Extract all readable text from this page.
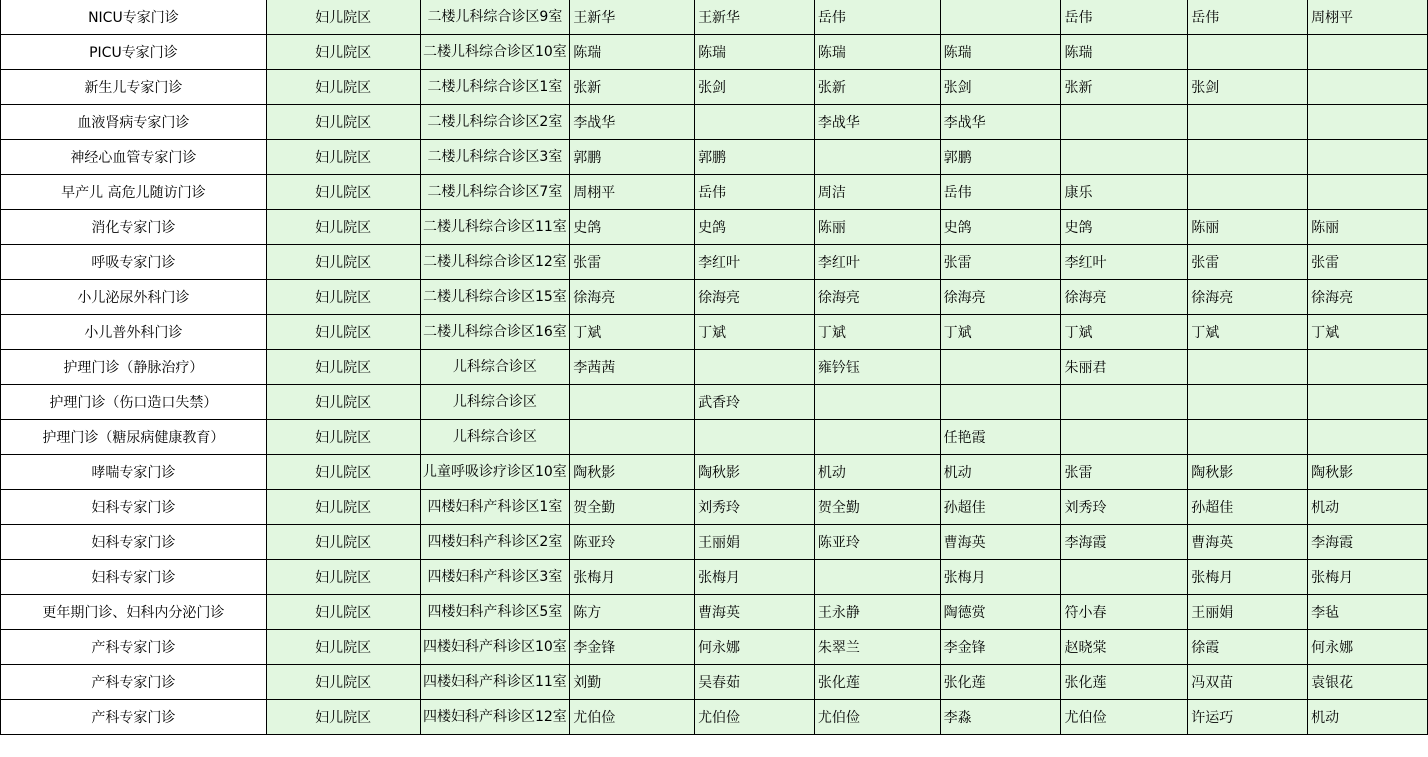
NICU专家门诊	妇儿院区	二楼儿科综合诊区9室	王新华	王新华	岳伟		岳伟	岳伟	周栩平
PICU专家门诊	妇儿院区	二楼儿科综合诊区10室	陈瑞	陈瑞	陈瑞	陈瑞	陈瑞		
新生儿专家门诊	妇儿院区	二楼儿科综合诊区1室	张新	张剑	张新	张剑	张新	张剑	
血液肾病专家门诊	妇儿院区	二楼儿科综合诊区2室	李战华		李战华	李战华			
神经心血管专家门诊	妇儿院区	二楼儿科综合诊区3室	郭鹏	郭鹏		郭鹏			
早产儿 高危儿随访门诊	妇儿院区	二楼儿科综合诊区7室	周栩平	岳伟	周洁	岳伟	康乐		
消化专家门诊	妇儿院区	二楼儿科综合诊区11室	史鸽	史鸽	陈丽	史鸽	史鸽	陈丽	陈丽
呼吸专家门诊	妇儿院区	二楼儿科综合诊区12室	张雷	李红叶	李红叶	张雷	李红叶	张雷	张雷
小儿泌尿外科门诊	妇儿院区	二楼儿科综合诊区15室	徐海亮	徐海亮	徐海亮	徐海亮	徐海亮	徐海亮	徐海亮
小儿普外科门诊	妇儿院区	二楼儿科综合诊区16室	丁斌	丁斌	丁斌	丁斌	丁斌	丁斌	丁斌
护理门诊（静脉治疗）	妇儿院区	儿科综合诊区	李茜茜		雍钤钰		朱丽君		
护理门诊（伤口造口失禁）	妇儿院区	儿科综合诊区		武香玲					
护理门诊（糖尿病健康教育）	妇儿院区	儿科综合诊区				任艳霞			
哮喘专家门诊	妇儿院区	儿童呼吸诊疗诊区10室	陶秋影	陶秋影	机动	机动	张雷	陶秋影	陶秋影
妇科专家门诊	妇儿院区	四楼妇科产科诊区1室	贺全勤	刘秀玲	贺全勤	孙超佳	刘秀玲	孙超佳	机动
妇科专家门诊	妇儿院区	四楼妇科产科诊区2室	陈亚玲	王丽娟	陈亚玲	曹海英	李海霞	曹海英	李海霞
妇科专家门诊	妇儿院区	四楼妇科产科诊区3室	张梅月	张梅月		张梅月		张梅月	张梅月
更年期门诊、妇科内分泌门诊	妇儿院区	四楼妇科产科诊区5室	陈方	曹海英	王永静	陶德赏	符小春	王丽娟	李毡
产科专家门诊	妇儿院区	四楼妇科产科诊区10室	李金锋	何永娜	朱翠兰	李金锋	赵晓棠	徐霞	何永娜
产科专家门诊	妇儿院区	四楼妇科产科诊区11室	刘勤	吴春茹	张化莲	张化莲	张化莲	冯双苗	袁银花
产科专家门诊	妇儿院区	四楼妇科产科诊区12室	尤伯俭	尤伯俭	尤伯俭	李淼	尤伯俭	许运巧	机动
